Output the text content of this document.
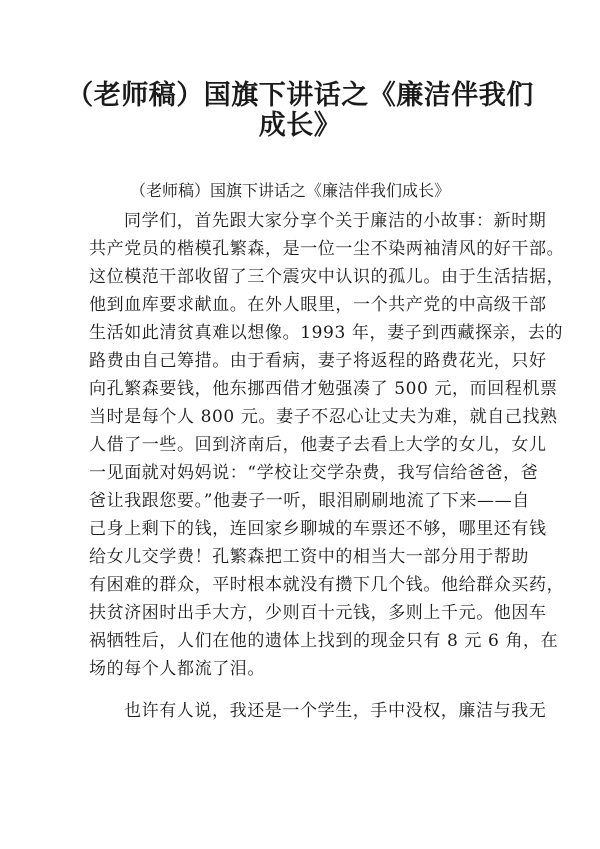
（老师稿）国旗下讲话之《廉洁伴我们
成长》
（老师稿）国旗下讲话之《廉洁伴我们成长》
同学们，首先跟大家分享个关于廉洁的小故事：新时期
共产党员的楷模孔繁森，是一位一尘不染两袖清风的好干部。
这位模范干部收留了三个震灾中认识的孤儿。由于生活拮据，
他到血库要求献血。在外人眼里，一个共产党的中高级干部
生活如此清贫真难以想像。1993 年，妻子到西藏探亲，去的
路费由自己筹措。由于看病，妻子将返程的路费花光，只好
向孔繁森要钱，他东挪西借才勉强凑了 500 元，而回程机票
当时是每个人 800 元。妻子不忍心让丈夫为难，就自己找熟
人借了一些。回到济南后，他妻子去看上大学的女儿，女儿
一见面就对妈妈说：“学校让交学杂费，我写信给爸爸，爸
爸让我跟您要。”他妻子一听，眼泪刷刷地流了下来——自
己身上剩下的钱，连回家乡聊城的车票还不够，哪里还有钱
给女儿交学费！孔繁森把工资中的相当大一部分用于帮助
有困难的群众，平时根本就没有攒下几个钱。他给群众买药，
扶贫济困时出手大方，少则百十元钱，多则上千元。他因车
祸牺牲后，人们在他的遗体上找到的现金只有 8 元 6 角，在
场的每个人都流了泪。
也许有人说，我还是一个学生，手中没权，廉洁与我无
